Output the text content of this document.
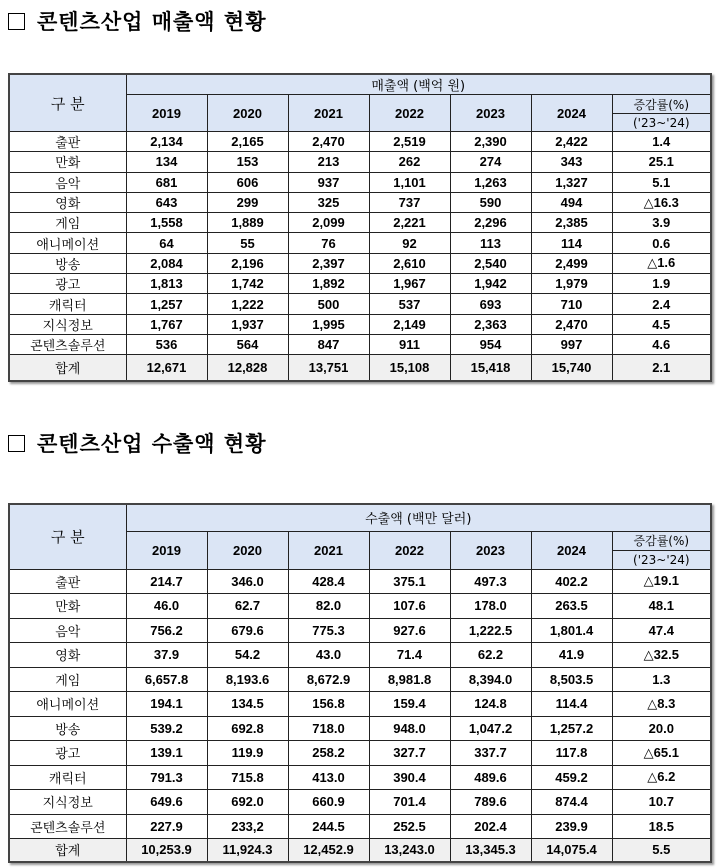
콘텐츠산업 매출액 현황
구 분	매출액 (백억 원)						
	2019	2020	2021	2022	2023	2024	증감률(%)
							('23~'24)
출판	2,134	2,165	2,470	2,519	2,390	2,422	1.4
만화	134	153	213	262	274	343	25.1
음악	681	606	937	1,101	1,263	1,327	5.1
영화	643	299	325	737	590	494	△16.3
게임	1,558	1,889	2,099	2,221	2,296	2,385	3.9
애니메이션	64	55	76	92	113	114	0.6
방송	2,084	2,196	2,397	2,610	2,540	2,499	△1.6
광고	1,813	1,742	1,892	1,967	1,942	1,979	1.9
캐릭터	1,257	1,222	500	537	693	710	2.4
지식정보	1,767	1,937	1,995	2,149	2,363	2,470	4.5
콘텐츠솔루션	536	564	847	911	954	997	4.6
합계	12,671	12,828	13,751	15,108	15,418	15,740	2.1
콘텐츠산업 수출액 현황
구 분	수출액 (백만 달러)						
	2019	2020	2021	2022	2023	2024	증감률(%)
							('23~'24)
출판	214.7	346.0	428.4	375.1	497.3	402.2	△19.1
만화	46.0	62.7	82.0	107.6	178.0	263.5	48.1
음악	756.2	679.6	775.3	927.6	1,222.5	1,801.4	47.4
영화	37.9	54.2	43.0	71.4	62.2	41.9	△32.5
게임	6,657.8	8,193.6	8,672.9	8,981.8	8,394.0	8,503.5	1.3
애니메이션	194.1	134.5	156.8	159.4	124.8	114.4	△8.3
방송	539.2	692.8	718.0	948.0	1,047.2	1,257.2	20.0
광고	139.1	119.9	258.2	327.7	337.7	117.8	△65.1
캐릭터	791.3	715.8	413.0	390.4	489.6	459.2	△6.2
지식정보	649.6	692.0	660.9	701.4	789.6	874.4	10.7
콘텐츠솔루션	227.9	233,2	244.5	252.5	202.4	239.9	18.5
합계	10,253.9	11,924.3	12,452.9	13,243.0	13,345.3	14,075.4	5.5
